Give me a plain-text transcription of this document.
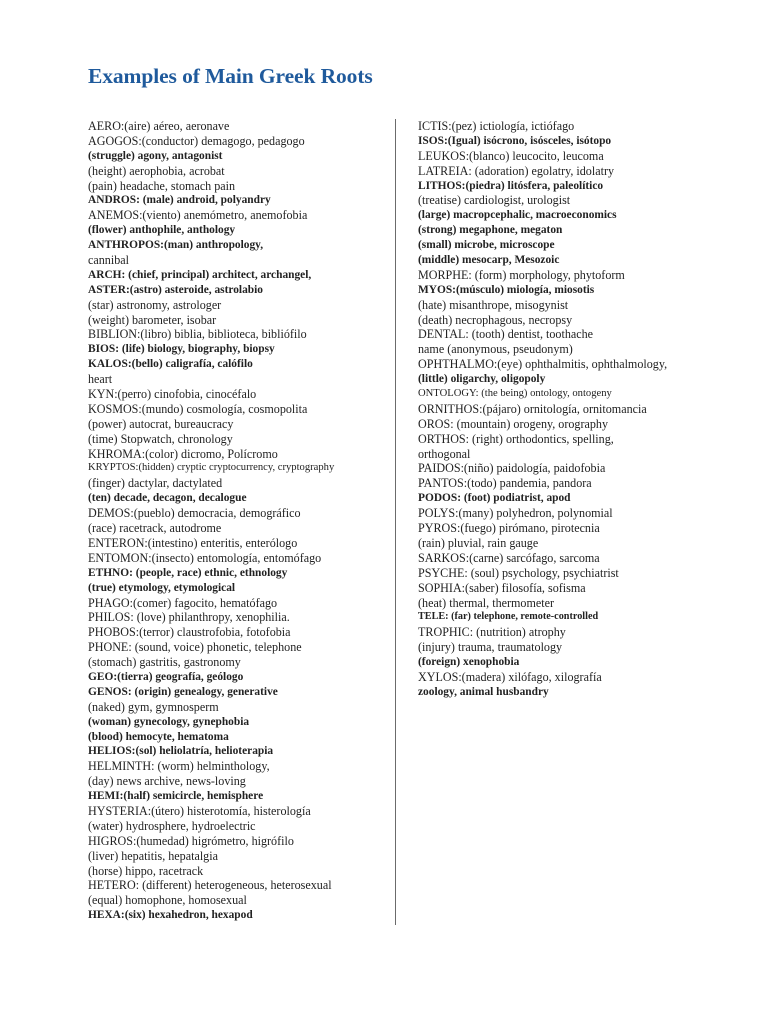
Examples of Main Greek Roots
AERO:(aire) aéreo, aeronave
AGOGOS:(conductor) demagogo, pedagogo
(struggle) agony, antagonist
(height) aerophobia, acrobat
(pain) headache, stomach pain
ANDROS: (male) android, polyandry
ANEMOS:(viento) anemómetro, anemofobia
(flower) anthophile, anthology
ANTHROPOS:(man) anthropology,
cannibal
ARCH: (chief, principal) architect, archangel,
ASTER:(astro) asteroide, astrolabio
(star) astronomy, astrologer
(weight) barometer, isobar
BIBLION:(libro) biblia, biblioteca, bibliófilo
BIOS: (life) biology, biography, biopsy
KALOS:(bello) caligrafía, calófilo
heart
KYN:(perro) cinofobia, cinocéfalo
KOSMOS:(mundo) cosmología, cosmopolita
(power) autocrat, bureaucracy
(time) Stopwatch, chronology
KHROMA:(color) dicromo, Polícromo
KRYPTOS:(hidden) cryptic cryptocurrency, cryptography
(finger) dactylar, dactylated
(ten) decade, decagon, decalogue
DEMOS:(pueblo) democracia, demográfico
(race) racetrack, autodrome
ENTERON:(intestino) enteritis, enterólogo
ENTOMON:(insecto) entomología, entomófago
ETHNO: (people, race) ethnic, ethnology
(true) etymology, etymological
PHAGO:(comer) fagocito, hematófago
PHILOS: (love) philanthropy, xenophilia.
PHOBOS:(terror) claustrofobia, fotofobia
PHONE: (sound, voice) phonetic, telephone
(stomach) gastritis, gastronomy
GEO:(tierra) geografía, geólogo
GENOS: (origin) genealogy, generative
(naked) gym, gymnosperm
(woman) gynecology, gynephobia
(blood) hemocyte, hematoma
HELIOS:(sol) heliolatría, helioterapia
HELMINTH: (worm) helminthology,
(day) news archive, news-loving
HEMI:(half) semicircle, hemisphere
HYSTERIA:(útero) histerotomía, histerología
(water) hydrosphere, hydroelectric
HIGROS:(humedad) higrómetro, higrófilo
(liver) hepatitis, hepatalgia
(horse) hippo, racetrack
HETERO: (different) heterogeneous, heterosexual
(equal) homophone, homosexual
HEXA:(six) hexahedron, hexapod
ICTIS:(pez) ictiología, ictiófago
ISOS:(Igual) isócrono, isósceles, isótopo
LEUKOS:(blanco) leucocito, leucoma
LATREIA: (adoration) egolatry, idolatry
LITHOS:(piedra) litósfera, paleolítico
(treatise) cardiologist, urologist
(large) macropcephalic, macroeconomics
(strong) megaphone, megaton
(small) microbe, microscope
(middle) mesocarp, Mesozoic
MORPHE: (form) morphology, phytoform
MYOS:(músculo) miología, miosotis
(hate) misanthrope, misogynist
(death) necrophagous, necropsy
DENTAL: (tooth) dentist, toothache
name (anonymous, pseudonym)
OPHTHALMO:(eye) ophthalmitis, ophthalmology,
(little) oligarchy, oligopoly
ONTOLOGY: (the being) ontology, ontogeny
ORNITHOS:(pájaro) ornitología, ornitomancia
OROS: (mountain) orogeny, orography
ORTHOS: (right) orthodontics, spelling,
orthogonal
PAIDOS:(niño) paidología, paidofobia
PANTOS:(todo) pandemia, pandora
PODOS: (foot) podiatrist, apod
POLYS:(many) polyhedron, polynomial
PYROS:(fuego) pirómano, pirotecnia
(rain) pluvial, rain gauge
SARKOS:(carne) sarcófago, sarcoma
PSYCHE: (soul) psychology, psychiatrist
SOPHIA:(saber) filosofía, sofisma
(heat) thermal, thermometer
TELE: (far) telephone, remote-controlled
TROPHIC: (nutrition) atrophy
(injury) trauma, traumatology
(foreign) xenophobia
XYLOS:(madera) xilófago, xilografía
zoology, animal husbandry
